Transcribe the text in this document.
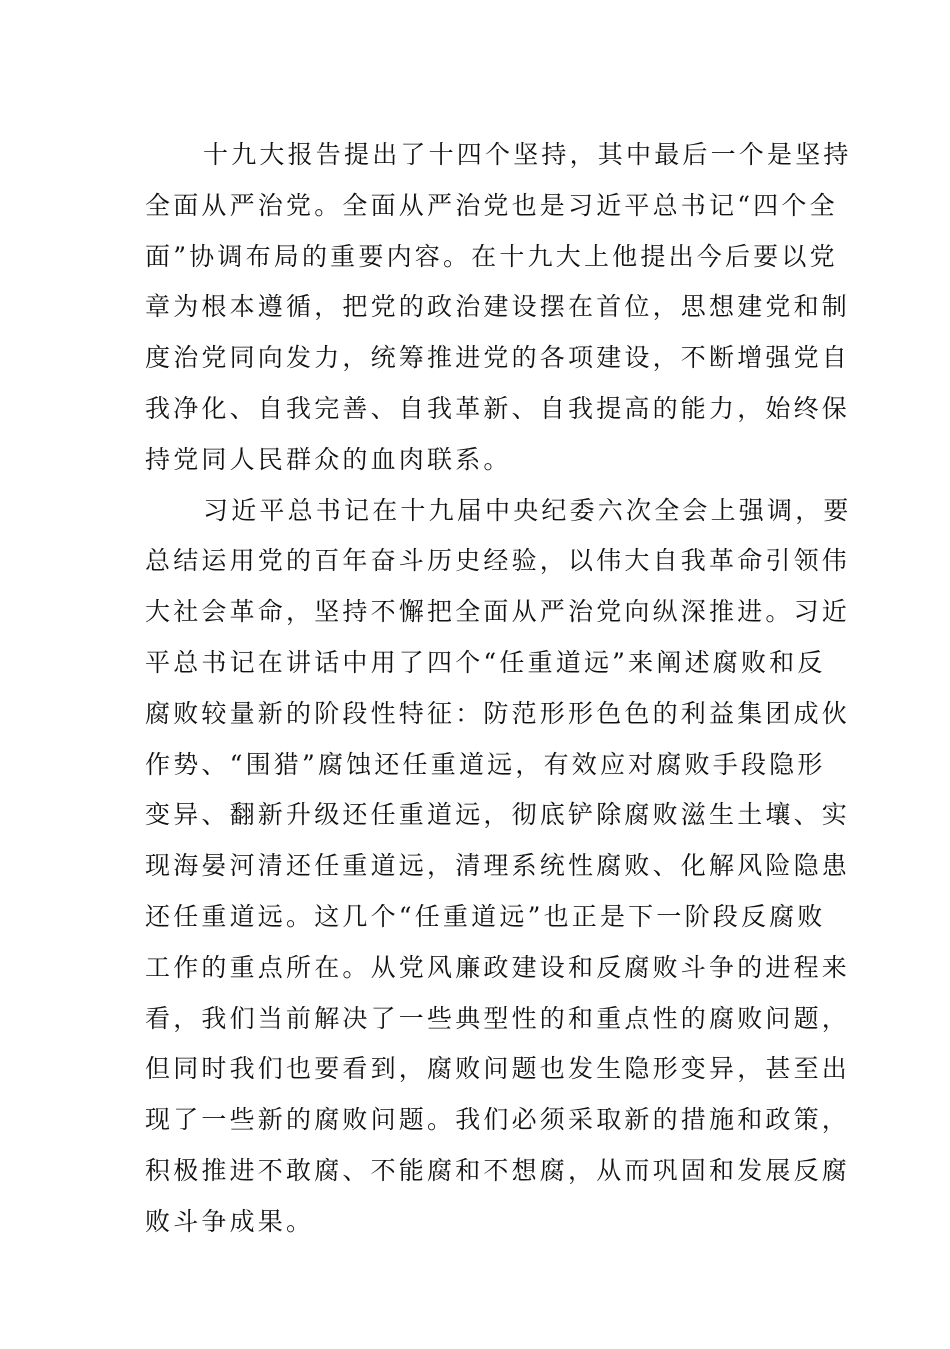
十九大报告提出了十四个坚持，其中最后一个是坚持
全面从严治党。全面从严治党也是习近平总书记“四个全
面”协调布局的重要内容。在十九大上他提出今后要以党
章为根本遵循，把党的政治建设摆在首位，思想建党和制
度治党同向发力，统筹推进党的各项建设，不断增强党自
我净化、自我完善、自我革新、自我提高的能力，始终保
持党同人民群众的血肉联系。
习近平总书记在十九届中央纪委六次全会上强调，要
总结运用党的百年奋斗历史经验，以伟大自我革命引领伟
大社会革命，坚持不懈把全面从严治党向纵深推进。习近
平总书记在讲话中用了四个“任重道远”来阐述腐败和反
腐败较量新的阶段性特征：防范形形色色的利益集团成伙
作势、“围猎”腐蚀还任重道远，有效应对腐败手段隐形
变异、翻新升级还任重道远，彻底铲除腐败滋生土壤、实
现海晏河清还任重道远，清理系统性腐败、化解风险隐患
还任重道远。这几个“任重道远”也正是下一阶段反腐败
工作的重点所在。从党风廉政建设和反腐败斗争的进程来
看，我们当前解决了一些典型性的和重点性的腐败问题，
但同时我们也要看到，腐败问题也发生隐形变异，甚至出
现了一些新的腐败问题。我们必须采取新的措施和政策，
积极推进不敢腐、不能腐和不想腐，从而巩固和发展反腐
败斗争成果。
